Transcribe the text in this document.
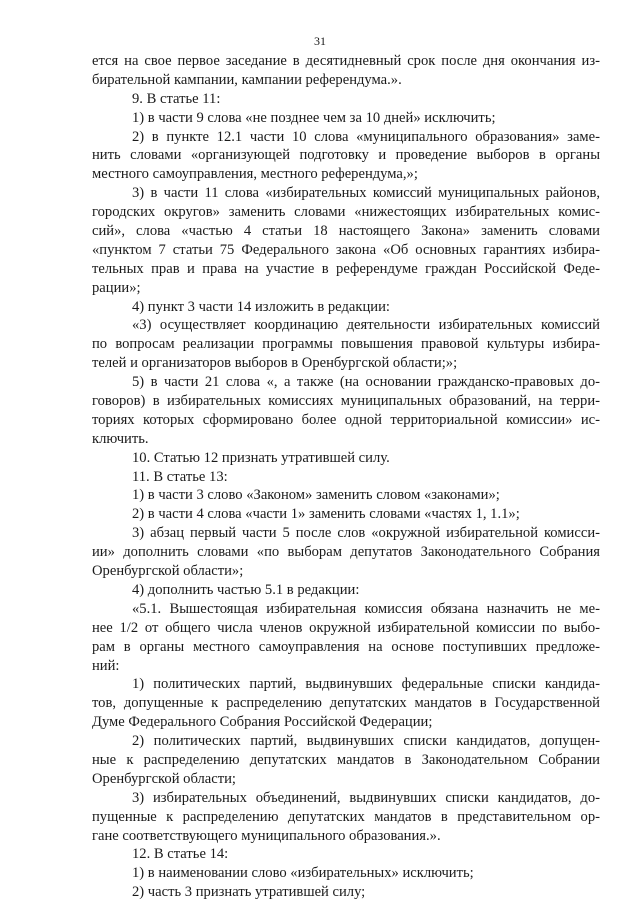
31
ется на свое первое заседание в десятидневный срок после дня окончания из-
бирательной кампании, кампании референдума.».
9. В статье 11:
1) в части 9 слова «не позднее чем за 10 дней» исключить;
2) в пункте 12.1 части 10 слова «муниципального образования» заме-
нить словами «организующей подготовку и проведение выборов в органы
местного самоуправления, местного референдума,»;
3) в части 11 слова «избирательных комиссий муниципальных районов,
городских округов» заменить словами «нижестоящих избирательных комис-
сий», слова «частью 4 статьи 18 настоящего Закона» заменить словами
«пунктом 7 статьи 75 Федерального закона «Об основных гарантиях избира-
тельных прав и права на участие в референдуме граждан Российской Феде-
рации»;
4) пункт 3 части 14 изложить в редакции:
«3) осуществляет координацию деятельности избирательных комиссий
по вопросам реализации программы повышения правовой культуры избира-
телей и организаторов выборов в Оренбургской области;»;
5) в части 21 слова «, а также (на основании гражданско-правовых до-
говоров) в избирательных комиссиях муниципальных образований, на терри-
ториях которых сформировано более одной территориальной комиссии» ис-
ключить.
10. Статью 12 признать утратившей силу.
11. В статье 13:
1) в части 3 слово «Законом» заменить словом «законами»;
2) в части 4 слова «части 1» заменить словами «частях 1, 1.1»;
3) абзац первый части 5 после слов «окружной избирательной комисси-
ии» дополнить словами «по выборам депутатов Законодательного Собрания
Оренбургской области»;
4) дополнить частью 5.1 в редакции:
«5.1. Вышестоящая избирательная комиссия обязана назначить не ме-
нее 1/2 от общего числа членов окружной избирательной комиссии по выбо-
рам в органы местного самоуправления на основе поступивших предложе-
ний:
1) политических партий, выдвинувших федеральные списки кандида-
тов, допущенные к распределению депутатских мандатов в Государственной
Думе Федерального Собрания Российской Федерации;
2) политических партий, выдвинувших списки кандидатов, допущен-
ные к распределению депутатских мандатов в Законодательном Собрании
Оренбургской области;
3) избирательных объединений, выдвинувших списки кандидатов, до-
пущенные к распределению депутатских мандатов в представительном ор-
гане соответствующего муниципального образования.».
12. В статье 14:
1) в наименовании слово «избирательных» исключить;
2) часть 3 признать утратившей силу;
